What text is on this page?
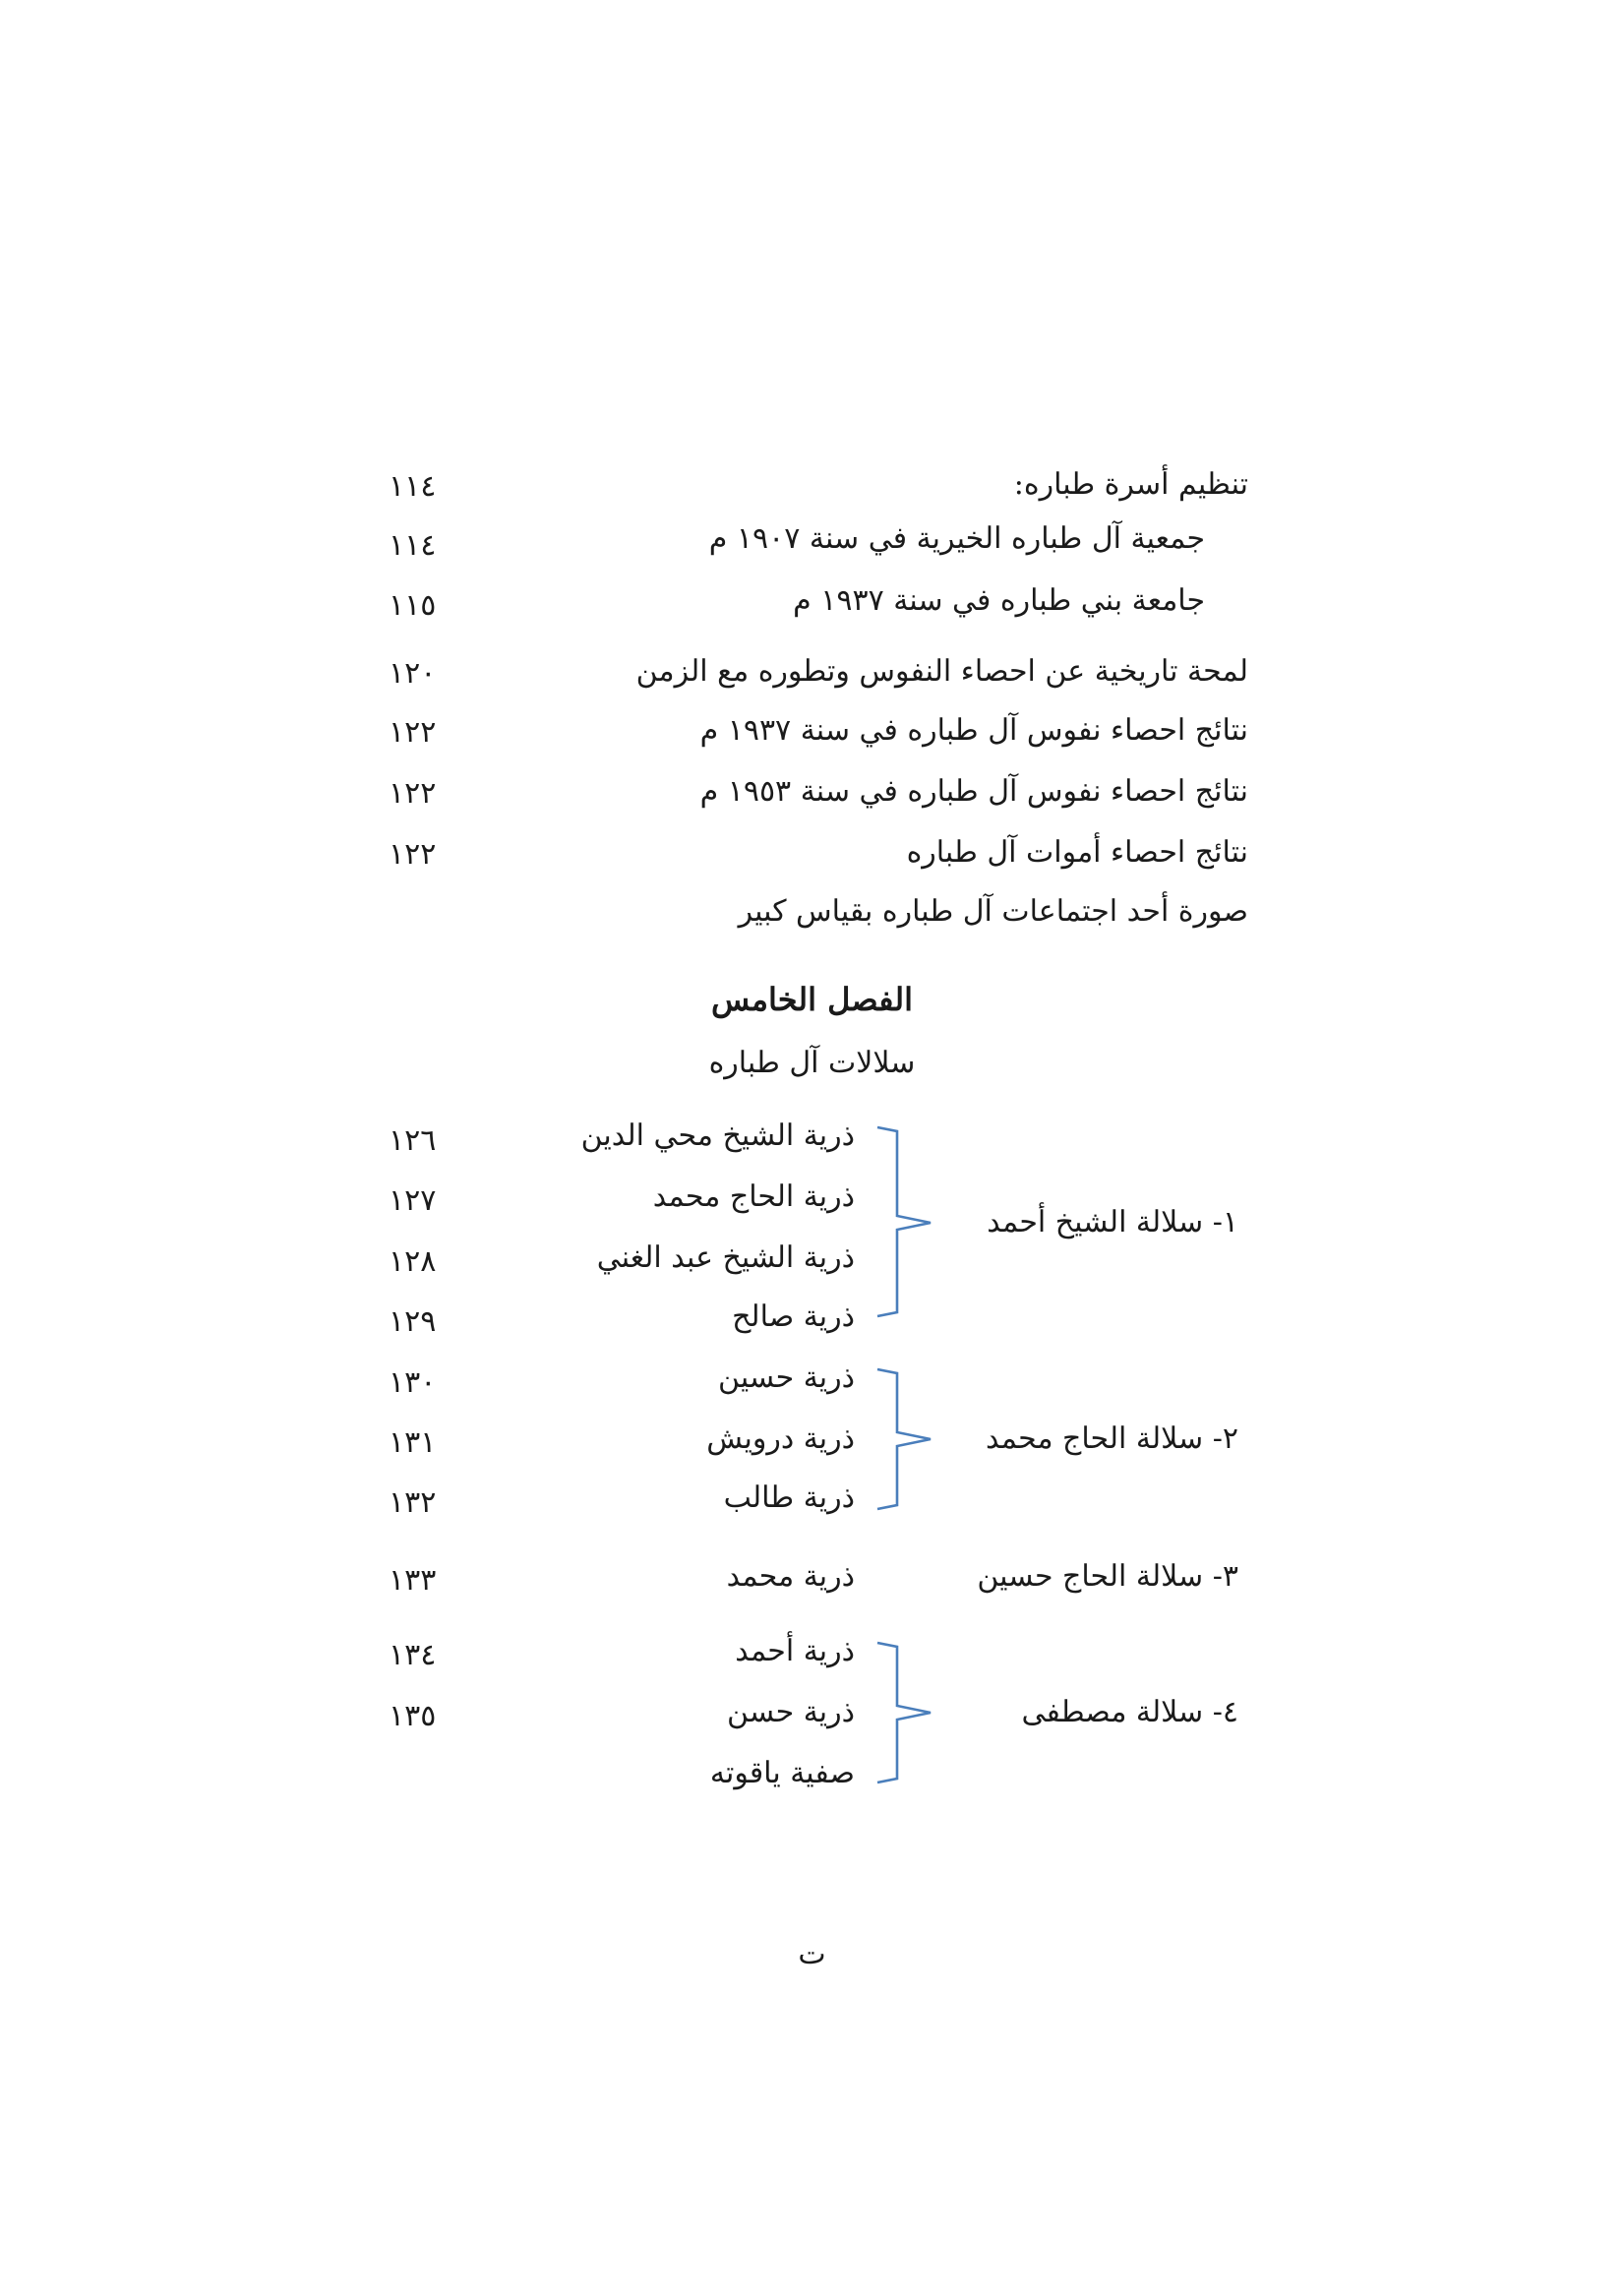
تنظيم أسرة طباره:
١١٤
جمعية آل طباره الخيرية في سنة ١٩٠٧ م
١١٤
جامعة بني طباره في سنة ١٩٣٧ م
١١٥
لمحة تاريخية عن احصاء النفوس وتطوره مع الزمن
١٢٠
نتائج احصاء نفوس آل طباره في سنة ١٩٣٧ م
١٢٢
نتائج احصاء نفوس آل طباره في سنة ١٩٥٣ م
١٢٢
نتائج احصاء أموات آل طباره
١٢٢
صورة أحد اجتماعات آل طباره بقياس كبير
الفصل الخامس
سلالات آل طباره
١- سلالة الشيخ أحمد
ذرية الشيخ محي الدين
١٢٦
ذرية الحاج محمد
١٢٧
ذرية الشيخ عبد الغني
١٢٨
ذرية صالح
١٢٩
٢- سلالة الحاج محمد
ذرية حسين
١٣٠
ذرية درويش
١٣١
ذرية طالب
١٣٢
٣- سلالة الحاج حسين
ذرية محمد
١٣٣
٤- سلالة مصطفى
ذرية أحمد
١٣٤
ذرية حسن
١٣٥
صفية ياقوته
ت
